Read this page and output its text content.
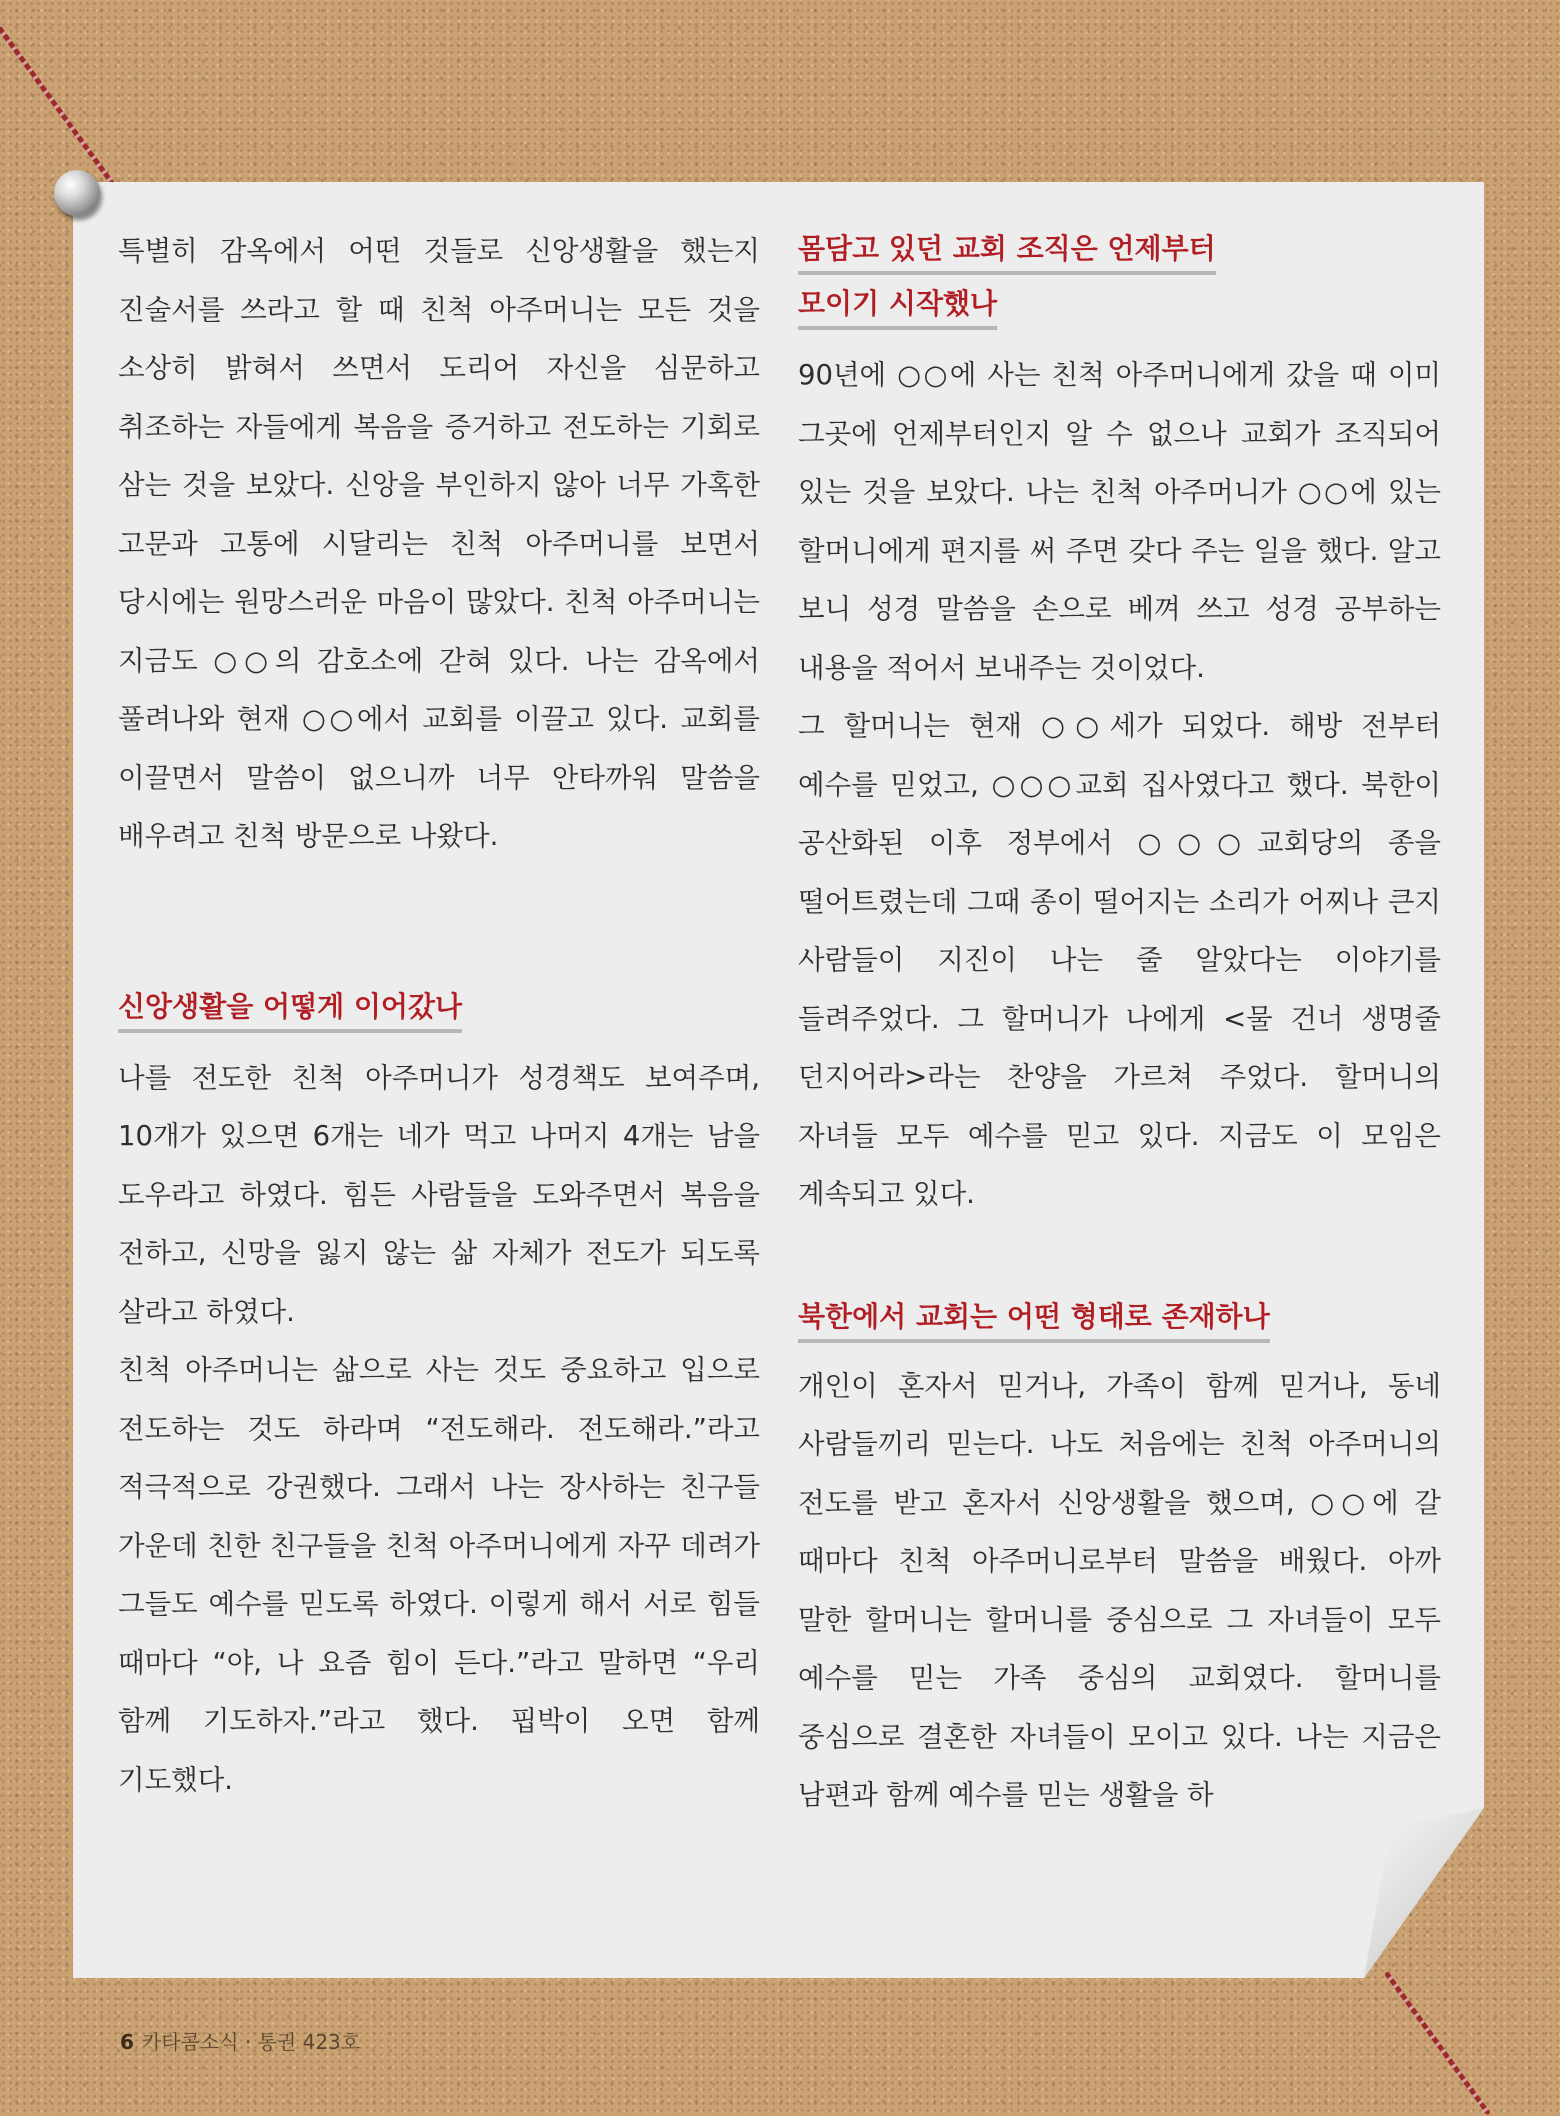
특별히 감옥에서 어떤 것들로 신앙생활을 했는지 진술서를 쓰라고 할 때 친척 아주머니는 모든 것을 소상히 밝혀서 쓰면서 도리어 자신을 심문하고 취조하는 자들에게 복음을 증거하고 전도하는 기회로 삼는 것을 보았다. 신앙을 부인하지 않아 너무 가혹한 고문과 고통에 시달리는 친척 아주머니를 보면서 당시에는 원망스러운 마음이 많았다. 친척 아주머니는 지금도 ○○의 감호소에 갇혀 있다. 나는 감옥에서 풀려나와 현재 ○○에서 교회를 이끌고 있다. 교회를 이끌면서 말씀이 없으니까 너무 안타까워 말씀을 배우려고 친척 방문으로 나왔다.

신앙생활을 어떻게 이어갔나

나를 전도한 친척 아주머니가 성경책도 보여주며, 10개가 있으면 6개는 네가 먹고 나머지 4개는 남을 도우라고 하였다. 힘든 사람들을 도와주면서 복음을 전하고, 신망을 잃지 않는 삶 자체가 전도가 되도록 살라고 하였다.

친척 아주머니는 삶으로 사는 것도 중요하고 입으로 전도하는 것도 하라며 “전도해라. 전도해라.”라고 적극적으로 강권했다. 그래서 나는 장사하는 친구들 가운데 친한 친구들을 친척 아주머니에게 자꾸 데려가 그들도 예수를 믿도록 하였다. 이렇게 해서 서로 힘들 때마다 “야, 나 요즘 힘이 든다.”라고 말하면 “우리 함께 기도하자.”라고 했다. 핍박이 오면 함께 기도했다.

몸담고 있던 교회 조직은 언제부터

모이기 시작했나

90년에 ○○에 사는 친척 아주머니에게 갔을 때 이미 그곳에 언제부터인지 알 수 없으나 교회가 조직되어 있는 것을 보았다. 나는 친척 아주머니가 ○○에 있는 할머니에게 편지를 써 주면 갖다 주는 일을 했다. 알고 보니 성경 말씀을 손으로 베껴 쓰고 성경 공부하는 내용을 적어서 보내주는 것이었다.

그 할머니는 현재 ○○세가 되었다. 해방 전부터 예수를 믿었고, ○○○교회 집사였다고 했다. 북한이 공산화된 이후 정부에서 ○○○교회당의 종을 떨어트렸는데 그때 종이 떨어지는 소리가 어찌나 큰지 사람들이 지진이 나는 줄 알았다는 이야기를 들려주었다. 그 할머니가 나에게 <물 건너 생명줄 던지어라>라는 찬양을 가르쳐 주었다. 할머니의 자녀들 모두 예수를 믿고 있다. 지금도 이 모임은 계속되고 있다.

북한에서 교회는 어떤 형태로 존재하나

개인이 혼자서 믿거나, 가족이 함께 믿거나, 동네 사람들끼리 믿는다. 나도 처음에는 친척 아주머니의 전도를 받고 혼자서 신앙생활을 했으며, ○○에 갈 때마다 친척 아주머니로부터 말씀을 배웠다. 아까 말한 할머니는 할머니를 중심으로 그 자녀들이 모두 예수를 믿는 가족 중심의 교회였다. 할머니를 중심으로 결혼한 자녀들이 모이고 있다. 나는 지금은 남편과 함께 예수를 믿는 생활을 하

6 카타콤소식 · 통권 423호
